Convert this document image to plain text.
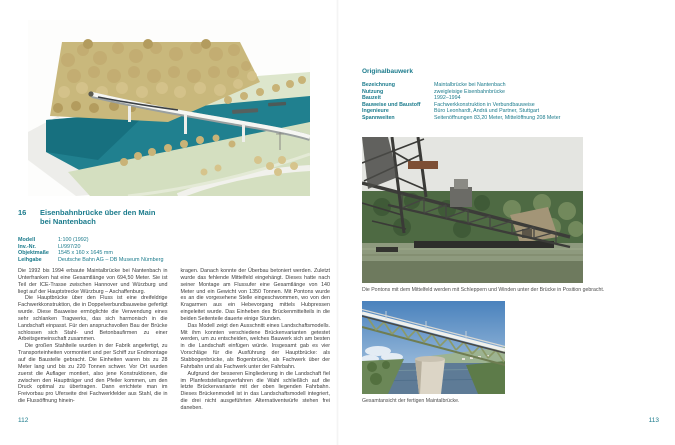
16	Eisenbahnbrücke über den Main
bei Nantenbach
Modell	1:100 (1992)
Inv.-Nr.	LI/997/20
Objektmaße	1545 x 160 x 1645 mm
Leihgabe	Deutsche Bahn AG – DB Museum Nürnberg

Die 1992 bis 1994 erbaute Maintalbrücke bei Nantenbach in Unterfranken hat eine Gesamtlänge von 694,50 Meter. Sie ist Teil der ICE-Trasse zwischen Hannover und Würzburg und liegt auf der Hauptstrecke Würzburg – Aschaffenburg.

Die Hauptbrücke über den Fluss ist eine dreifeldrige Fachwerkkonstruktion, die in Doppelverbundbauweise gefertigt wurde. Diese Bauweise ermöglichte die Verwendung eines sehr schlanken Tragwerks, das sich harmonisch in die Landschaft einpasst. Für den anspruchsvollen Bau der Brücke schlossen sich Stahl- und Betonbaufirmen zu einer Arbeitsgemeinschaft zusammen.

Die großen Stahlteile wurden in der Fabrik angefertigt, zu Transporteinheiten vormontiert und per Schiff zur Endmontage auf die Baustelle gebracht. Die Einheiten waren bis zu 28 Meter lang und bis zu 220 Tonnen schwer. Vor Ort wurden zuerst die Auflager montiert, also jene Konstruktionen, die zwischen den Hauptträger und den Pfeiler kommen, um den Druck optimal zu übertragen. Dann errichtete man im Freivorbau pro Uferseite drei Fachwerkfelder aus Stahl, die in die Flussöffnung hinein-

kragen. Danach konnte der Überbau betoniert werden. Zuletzt wurde das fehlende Mittelfeld eingehängt. Dieses hatte nach seiner Montage am Flussufer eine Gesamtlänge von 140 Meter und ein Gewicht von 1350 Tonnen. Mit Pontons wurde es an die vorgesehene Stelle eingeschwommen, wo von den Kragarmen aus ein Hebevorgang mittels Hubpressen eingeleitet wurde. Das Einheben des Brückenmittelteils in die beiden Seitenteile dauerte einige Stunden.

Das Modell zeigt den Ausschnitt eines Landschaftsmodells. Mit ihm konnten verschiedene Brückenvarianten getestet werden, um zu entscheiden, welches Bauwerk sich am besten in die Landschaft einfügen würde. Insgesamt gab es vier Vorschläge für die Ausführung der Hauptbrücke: als Stabbogenbrücke, als Bogenbrücke, als Fachwerk über der Fahrbahn und als Fachwerk unter der Fahrbahn.

Aufgrund der besseren Eingliederung in die Landschaft fiel im Planfeststellungsverfahren die Wahl schließlich auf die letzte Brückenvariante mit der oben liegenden Fahrbahn. Dieses Brückenmodell ist in das Landschaftsmodell integriert, die drei nicht ausgeführten Alternativentwürfe stehen frei daneben.

112
Originalbauwerk
Bezeichnung	Maintalbrücke bei Nantenbach
Nutzung	zweigleisige Eisenbahnbrücke
Bauzeit	1992–1994
Bauweise und Baustoff	Fachwerkkonstruktion in Verbundbauweise
Ingenieure	Büro Leonhardt, Andrä und Partner, Stuttgart
Spannweiten	Seitenöffnungen 83,20 Meter, Mittelöffnung 208 Meter
Die Pontons mit dem Mittelfeld werden mit Schleppern und Winden unter der Brücke in Position gebracht.
Gesamtansicht der fertigen Maintalbrücke.
113
